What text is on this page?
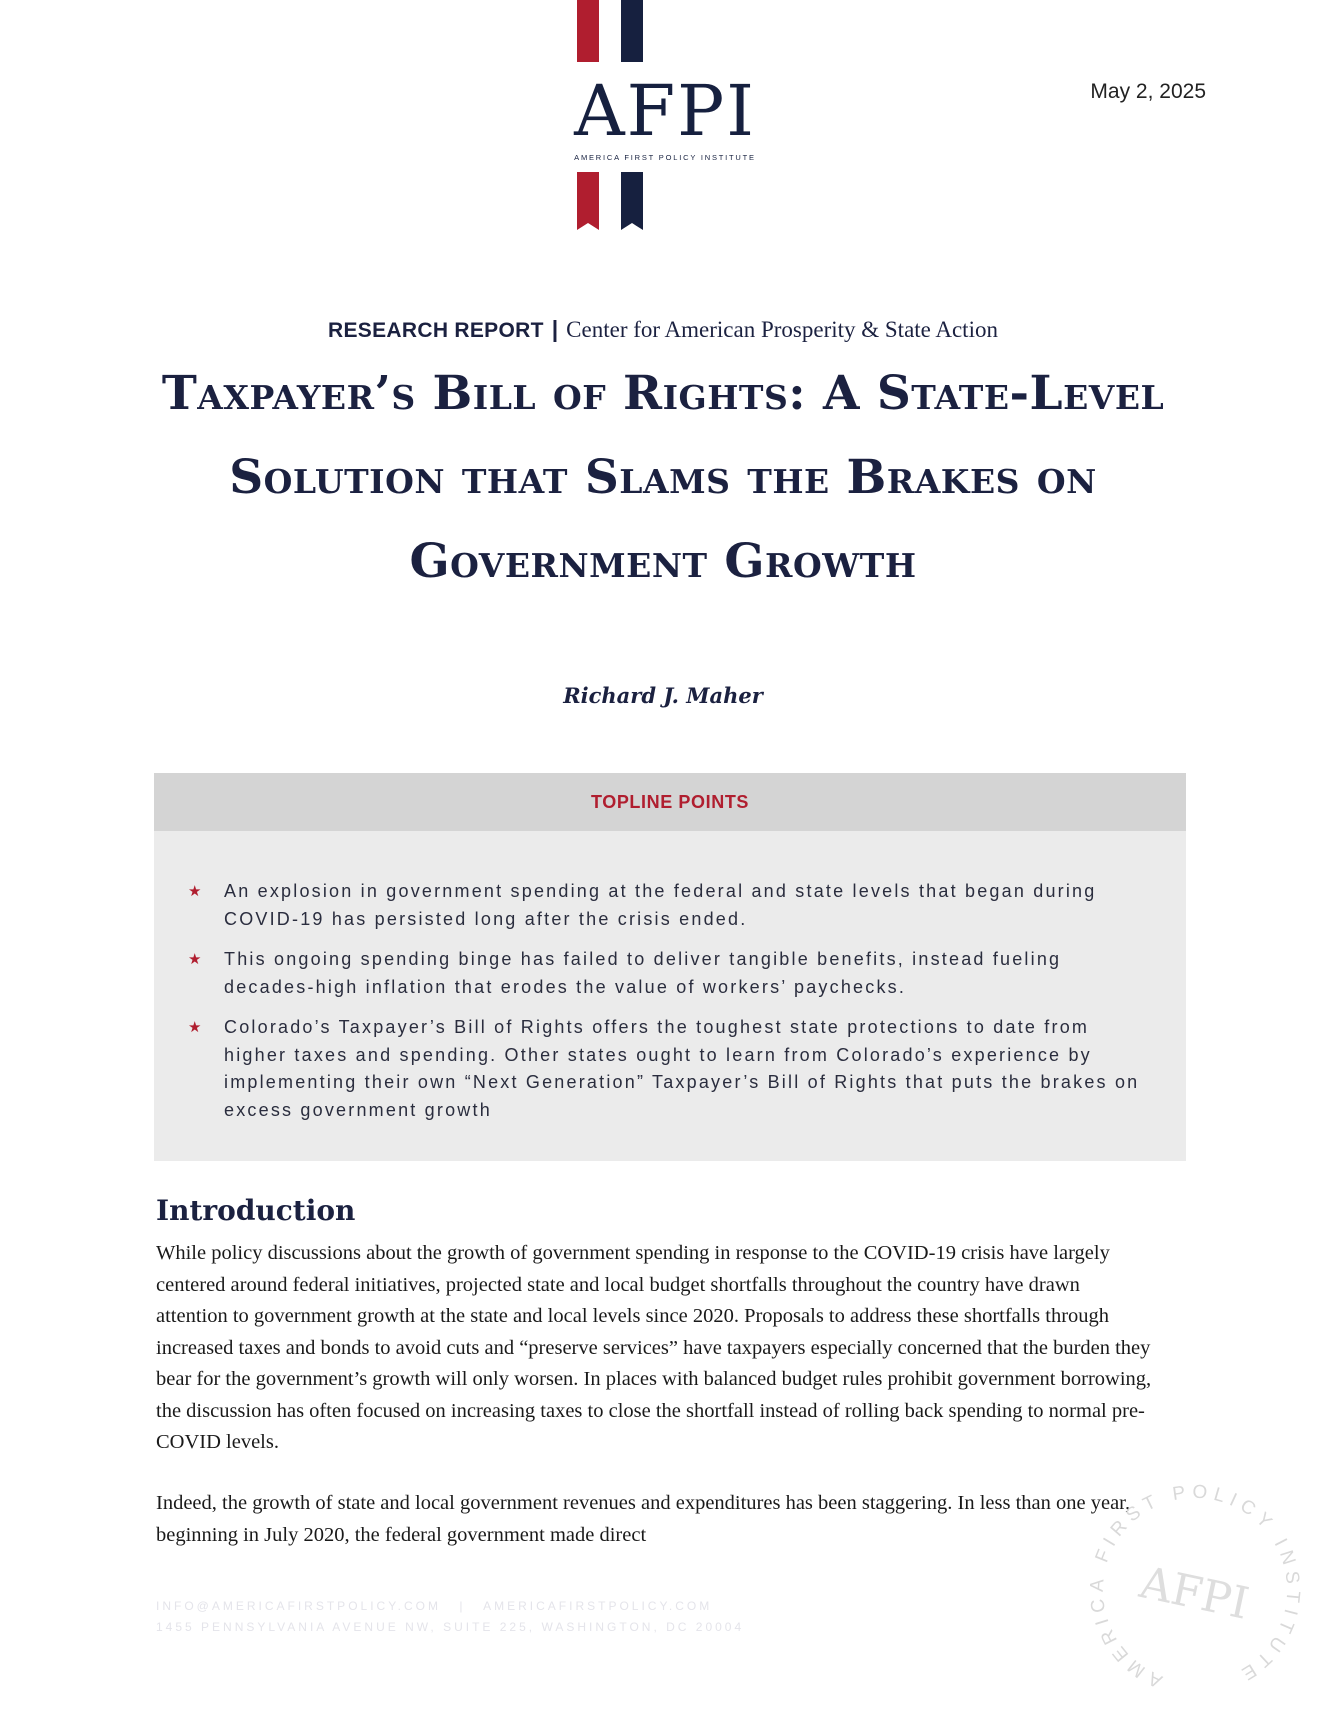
AFPI
AMERICA FIRST POLICY INSTITUTE
May 2, 2025
RESEARCH REPORT | Center for American Prosperity & State Action
Taxpayer’s Bill of Rights: A State-Level Solution that Slams the Brakes on Government Growth
Richard J. Maher
TOPLINE POINTS
★ An explosion in government spending at the federal and state levels that began during COVID-19 has persisted long after the crisis ended.
★ This ongoing spending binge has failed to deliver tangible benefits, instead fueling decades-high inflation that erodes the value of workers’ paychecks.
★ Colorado’s Taxpayer’s Bill of Rights offers the toughest state protections to date from higher taxes and spending. Other states ought to learn from Colorado’s experience by implementing their own “Next Generation” Taxpayer’s Bill of Rights that puts the brakes on excess government growth
Introduction

While policy discussions about the growth of government spending in response to the COVID-19 crisis have largely centered around federal initiatives, projected state and local budget shortfalls throughout the country have drawn attention to government growth at the state and local levels since 2020. Proposals to address these shortfalls through increased taxes and bonds to avoid cuts and “preserve services” have taxpayers especially concerned that the burden they bear for the government’s growth will only worsen. In places with balanced budget rules prohibit government borrowing, the discussion has often focused on increasing taxes to close the shortfall instead of rolling back spending to normal pre-COVID levels.

Indeed, the growth of state and local government revenues and expenditures has been staggering. In less than one year, beginning in July 2020, the federal government made direct

INFO@AMERICAFIRSTPOLICY.COM | AMERICAFIRSTPOLICY.COM
1455 PENNSYLVANIA AVENUE NW, SUITE 225, WASHINGTON, DC 20004
AMERICA FIRST POLICY INSTITUTE
AFPI
